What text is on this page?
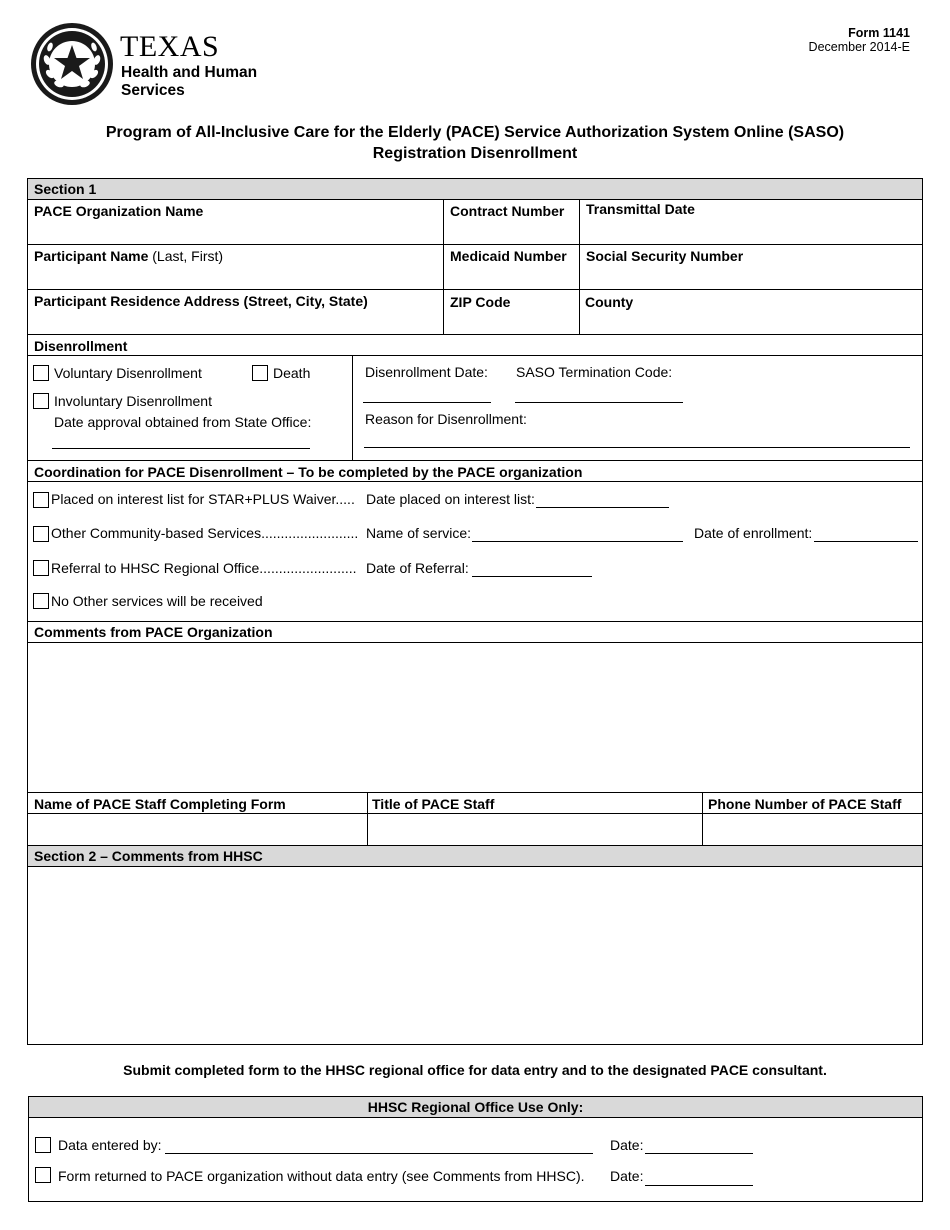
TEXAS
Health and Human
Services
Form 1141
December 2014-E
Program of All-Inclusive Care for the Elderly (PACE) Service Authorization System Online (SASO)
Registration Disenrollment
Section 1
PACE Organization Name	Contract Number Transmittal Date
Participant Name (Last, First)	Medicaid Number Social Security Number
Participant Residence Address (Street, City, State)	ZIP Code	County
Disenrollment
Voluntary Disenrollment	Death
Involuntary Disenrollment
Date approval obtained from State Office:
Disenrollment Date: SASO Termination Code:
Reason for Disenrollment:
Coordination for PACE Disenrollment – To be completed by the PACE organization
Placed on interest list for STAR+PLUS Waiver..... Date placed on interest list:
Other Community-based Services......................... Name of service:	Date of enrollment:
Referral to HHSC Regional Office......................... Date of Referral:
No Other services will be received
Comments from PACE Organization
Name of PACE Staff Completing Form	Title of PACE Staff	Phone Number of PACE Staff
Section 2 – Comments from HHSC
Submit completed form to the HHSC regional office for data entry and to the designated PACE consultant.
HHSC Regional Office Use Only:
Data entered by:	Date:
Form returned to PACE organization without data entry (see Comments from HHSC). Date:
